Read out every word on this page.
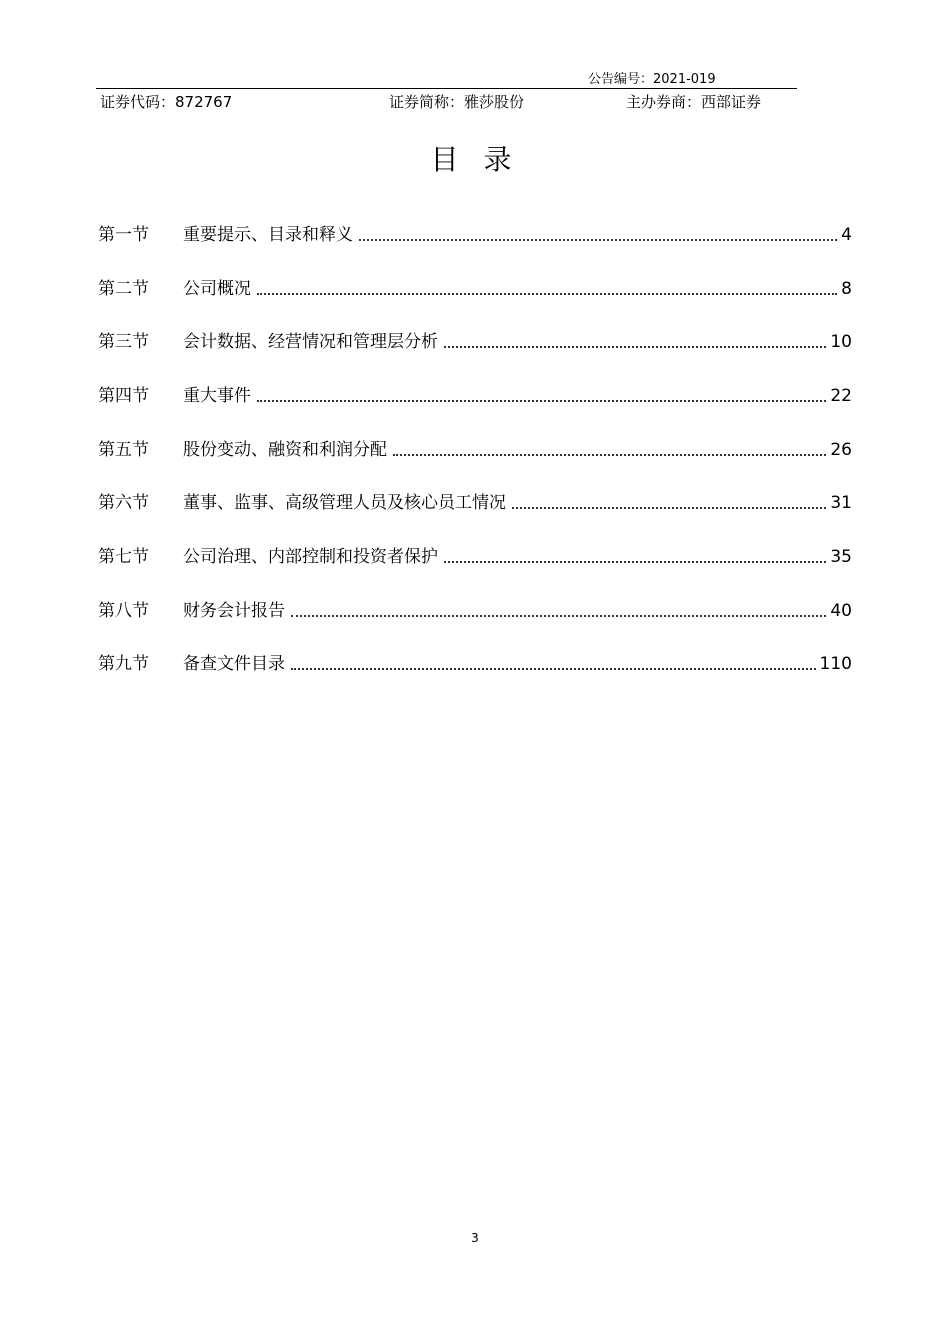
公告编号：2021-019
证券代码：872767	证券简称：雅莎股份	主办券商：西部证券
目 录
第一节	重要提示、目录和释义	4
第二节	公司概况	8
第三节	会计数据、经营情况和管理层分析	10
第四节	重大事件	22
第五节	股份变动、融资和利润分配	26
第六节	董事、监事、高级管理人员及核心员工情况	31
第七节	公司治理、内部控制和投资者保护	35
第八节	财务会计报告	40
第九节	备查文件目录	110
3
